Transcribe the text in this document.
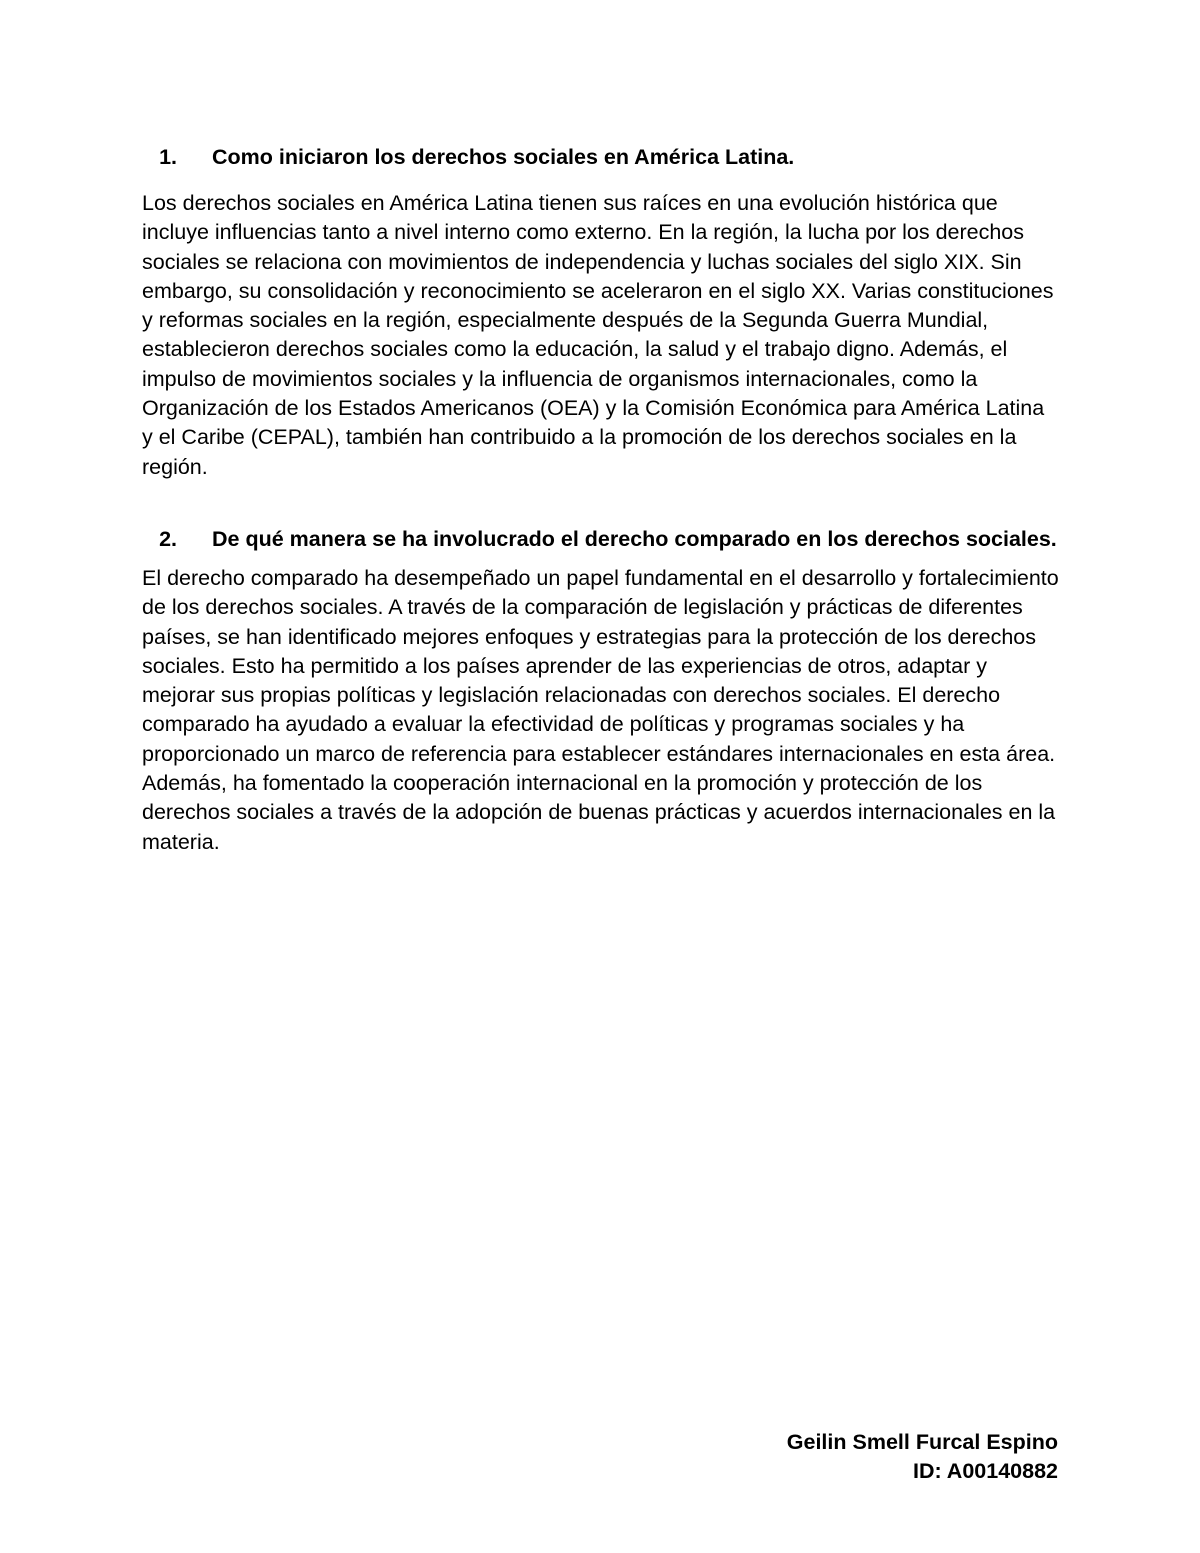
1.	Como iniciaron los derechos sociales en América Latina.

Los derechos sociales en América Latina tienen sus raíces en una evolución histórica que incluye influencias tanto a nivel interno como externo. En la región, la lucha por los derechos sociales se relaciona con movimientos de independencia y luchas sociales del siglo XIX. Sin embargo, su consolidación y reconocimiento se aceleraron en el siglo XX. Varias constituciones y reformas sociales en la región, especialmente después de la Segunda Guerra Mundial, establecieron derechos sociales como la educación, la salud y el trabajo digno. Además, el impulso de movimientos sociales y la influencia de organismos internacionales, como la Organización de los Estados Americanos (OEA) y la Comisión Económica para América Latina y el Caribe (CEPAL), también han contribuido a la promoción de los derechos sociales en la región.

2.	De qué manera se ha involucrado el derecho comparado en los derechos sociales.

El derecho comparado ha desempeñado un papel fundamental en el desarrollo y fortalecimiento de los derechos sociales. A través de la comparación de legislación y prácticas de diferentes países, se han identificado mejores enfoques y estrategias para la protección de los derechos sociales. Esto ha permitido a los países aprender de las experiencias de otros, adaptar y mejorar sus propias políticas y legislación relacionadas con derechos sociales. El derecho comparado ha ayudado a evaluar la efectividad de políticas y programas sociales y ha proporcionado un marco de referencia para establecer estándares internacionales en esta área. Además, ha fomentado la cooperación internacional en la promoción y protección de los derechos sociales a través de la adopción de buenas prácticas y acuerdos internacionales en la materia.

Geilin Smell Furcal Espino
ID: A00140882
